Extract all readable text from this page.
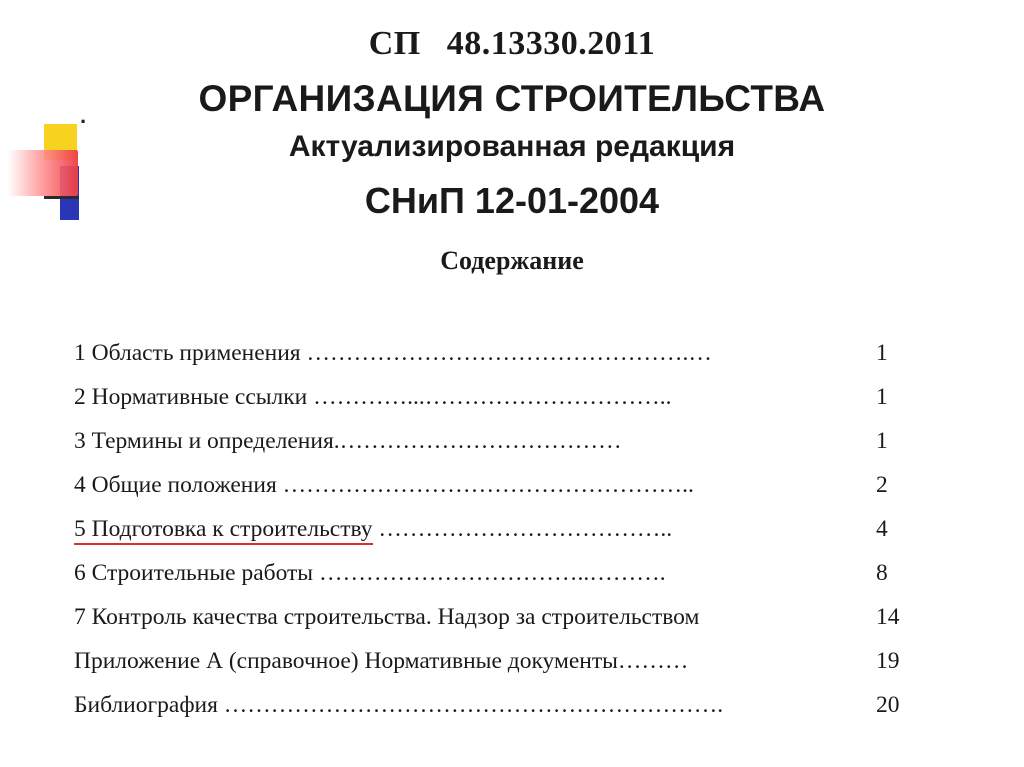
.
СП 48.13330.2011
ОРГАНИЗАЦИЯ СТРОИТЕЛЬСТВА
Актуализированная редакция
СНиП 12-01-2004
Содержание
1 Область применения ………………………………………….…	1
2 Нормативные ссылки …………...…………………………..	1
3 Термины и определения.………………………………	1
4 Общие положения ……………………………………………..	2
5 Подготовка к строительству ………………………………..	4
6 Строительные работы ……………………………..……….	8
7 Контроль качества строительства. Надзор за строительством	14
Приложение А (справочное) Нормативные документы………	19
Библиография ……………………………………………………….	20
